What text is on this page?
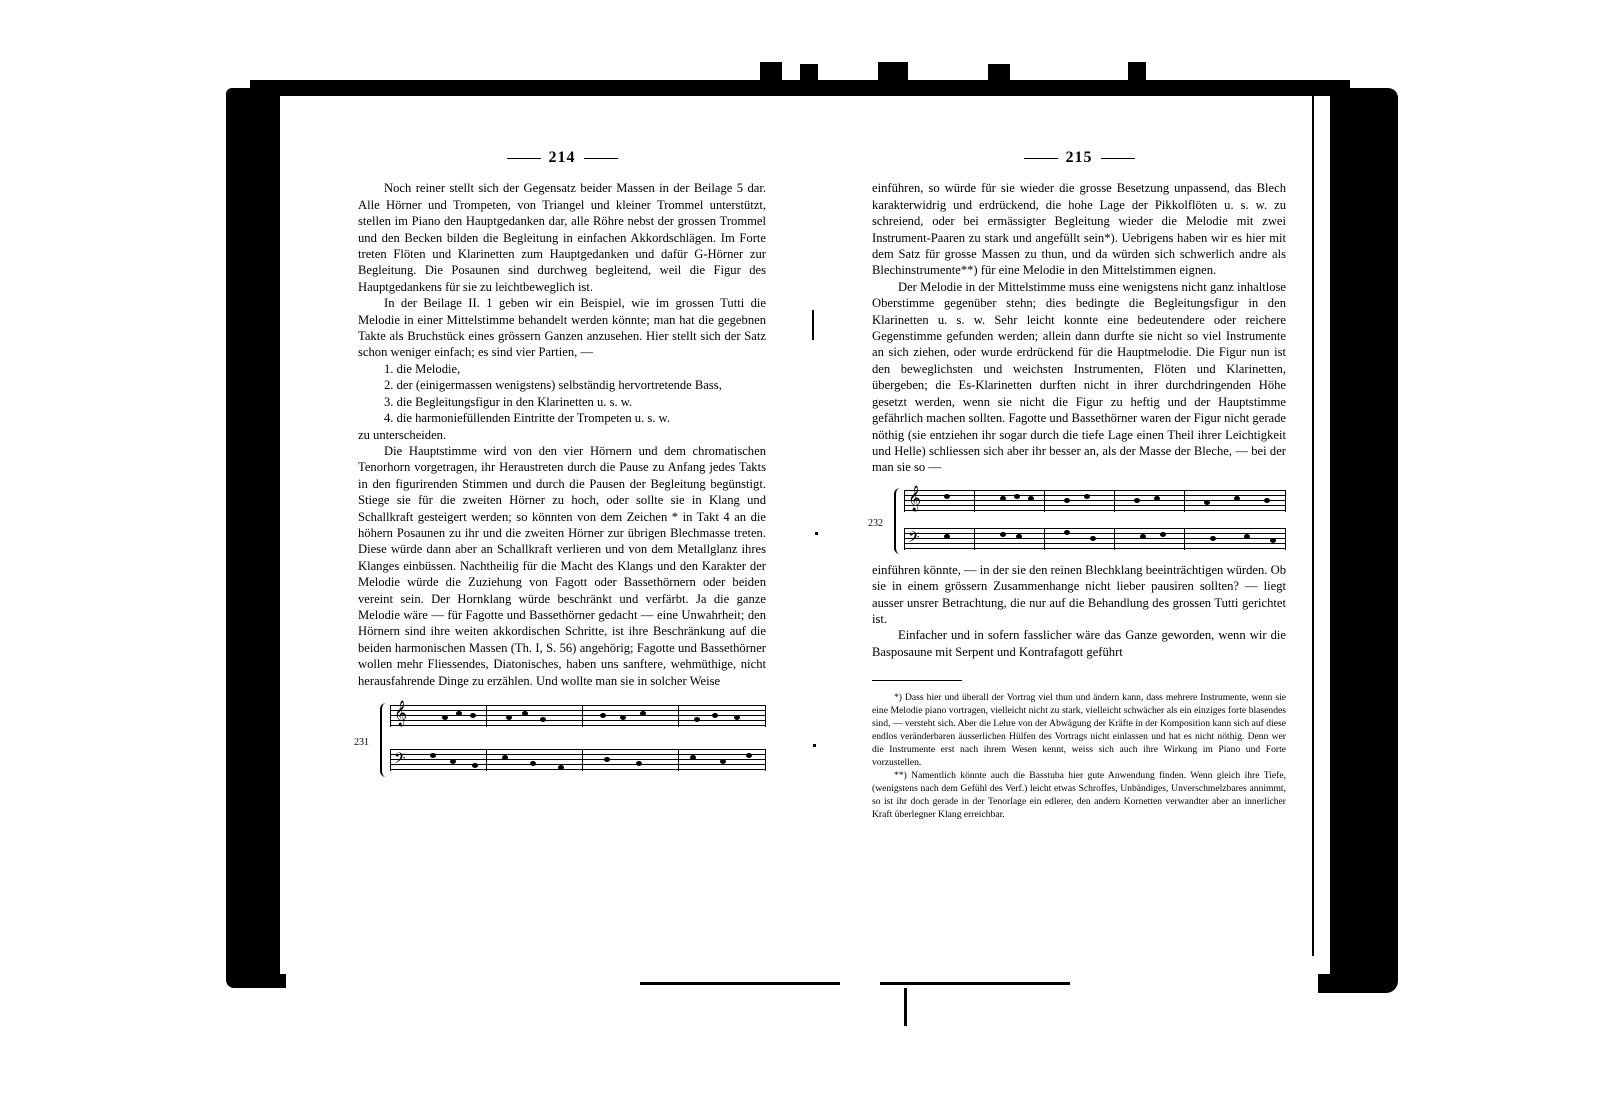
214

Noch reiner stellt sich der Gegensatz beider Massen in der Beilage 5 dar. Alle Hörner und Trompeten, von Triangel und kleiner Trommel unterstützt, stellen im Piano den Hauptgedanken dar, alle Röhre nebst der grossen Trommel und den Becken bilden die Begleitung in einfachen Akkordschlägen. Im Forte treten Flöten und Klarinetten zum Hauptgedanken und dafür G-Hörner zur Begleitung. Die Posaunen sind durchweg begleitend, weil die Figur des Hauptgedankens für sie zu leichtbeweglich ist.

In der Beilage II. 1 geben wir ein Beispiel, wie im grossen Tutti die Melodie in einer Mittelstimme behandelt werden könnte; man hat die gegebnen Takte als Bruchstück eines grössern Ganzen anzusehen. Hier stellt sich der Satz schon weniger einfach; es sind vier Partien, —

1. die Melodie,
2. der (einigermassen wenigstens) selbständig hervortretende Bass,
3. die Begleitungsfigur in den Klarinetten u. s. w.
4. die harmoniefüllenden Eintritte der Trompeten u. s. w.

zu unterscheiden.

Die Hauptstimme wird von den vier Hörnern und dem chromatischen Tenorhorn vorgetragen, ihr Heraustreten durch die Pause zu Anfang jedes Takts in den figurirenden Stimmen und durch die Pausen der Begleitung begünstigt. Stiege sie für die zweiten Hörner zu hoch, oder sollte sie in Klang und Schallkraft gesteigert werden; so könnten von dem Zeichen * in Takt 4 an die höhern Posaunen zu ihr und die zweiten Hörner zur übrigen Blechmasse treten. Diese würde dann aber an Schallkraft verlieren und von dem Metallglanz ihres Klanges einbüssen. Nachtheilig für die Macht des Klangs und den Karakter der Melodie würde die Zuziehung von Fagott oder Bassethörnern oder beiden vereint sein. Der Hornklang würde beschränkt und verfärbt. Ja die ganze Melodie wäre — für Fagotte und Bassethörner gedacht — eine Unwahrheit; den Hörnern sind ihre weiten akkordischen Schritte, ist ihre Beschränkung auf die beiden harmonischen Massen (Th. I, S. 56) angehörig; Fagotte und Bassethörner wollen mehr Fliessendes, Diatonisches, haben uns sanftere, wehmüthige, nicht herausfahrende Dinge zu erzählen. Und wollte man sie in solcher Weise

231
𝄞
𝄢
215

einführen, so würde für sie wieder die grosse Besetzung unpassend, das Blech karakterwidrig und erdrückend, die hohe Lage der Pikkolflöten u. s. w. zu schreiend, oder bei ermässigter Begleitung wieder die Melodie mit zwei Instrument-Paaren zu stark und angefüllt sein*). Uebrigens haben wir es hier mit dem Satz für grosse Massen zu thun, und da würden sich schwerlich andre als Blechinstrumente**) für eine Melodie in den Mittelstimmen eignen.

Der Melodie in der Mittelstimme muss eine wenigstens nicht ganz inhaltlose Oberstimme gegenüber stehn; dies bedingte die Begleitungsfigur in den Klarinetten u. s. w. Sehr leicht konnte eine bedeutendere oder reichere Gegenstimme gefunden werden; allein dann durfte sie nicht so viel Instrumente an sich ziehen, oder wurde erdrückend für die Hauptmelodie. Die Figur nun ist den beweglichsten und weichsten Instrumenten, Flöten und Klarinetten, übergeben; die Es-Klarinetten durften nicht in ihrer durchdringenden Höhe gesetzt werden, wenn sie nicht die Figur zu heftig und der Hauptstimme gefährlich machen sollten. Fagotte und Bassethörner waren der Figur nicht gerade nöthig (sie entziehen ihr sogar durch die tiefe Lage einen Theil ihrer Leichtigkeit und Helle) schliessen sich aber ihr besser an, als der Masse der Bleche, — bei der man sie so —

232
𝄞
𝄢

einführen könnte, — in der sie den reinen Blechklang beeinträchtigen würden. Ob sie in einem grössern Zusammenhange nicht lieber pausiren sollten? — liegt ausser unsrer Betrachtung, die nur auf die Behandlung des grossen Tutti gerichtet ist.

Einfacher und in sofern fasslicher wäre das Ganze geworden, wenn wir die Basposaune mit Serpent und Kontrafagott geführt

*) Dass hier und überall der Vortrag viel thun und ändern kann, dass mehrere Instrumente, wenn sie eine Melodie piano vortragen, vielleicht nicht zu stark, vielleicht schwächer als ein einziges forte blasendes sind, — versteht sich. Aber die Lehre von der Abwägung der Kräfte in der Komposition kann sich auf diese endlos veränderbaren äusserlichen Hülfen des Vortrags nicht einlassen und hat es nicht nöthig. Denn wer die Instrumente erst nach ihrem Wesen kennt, weiss sich auch ihre Wirkung im Piano und Forte vorzustellen.

**) Namentlich könnte auch die Basstuba hier gute Anwendung finden. Wenn gleich ihre Tiefe, (wenigstens nach dem Gefühl des Verf.) leicht etwas Schroffes, Unbändiges, Unverschmelzbares annimmt, so ist ihr doch gerade in der Tenorlage ein edlerer, den andern Kornetten verwandter aber an innerlicher Kraft überlegner Klang erreichbar.
